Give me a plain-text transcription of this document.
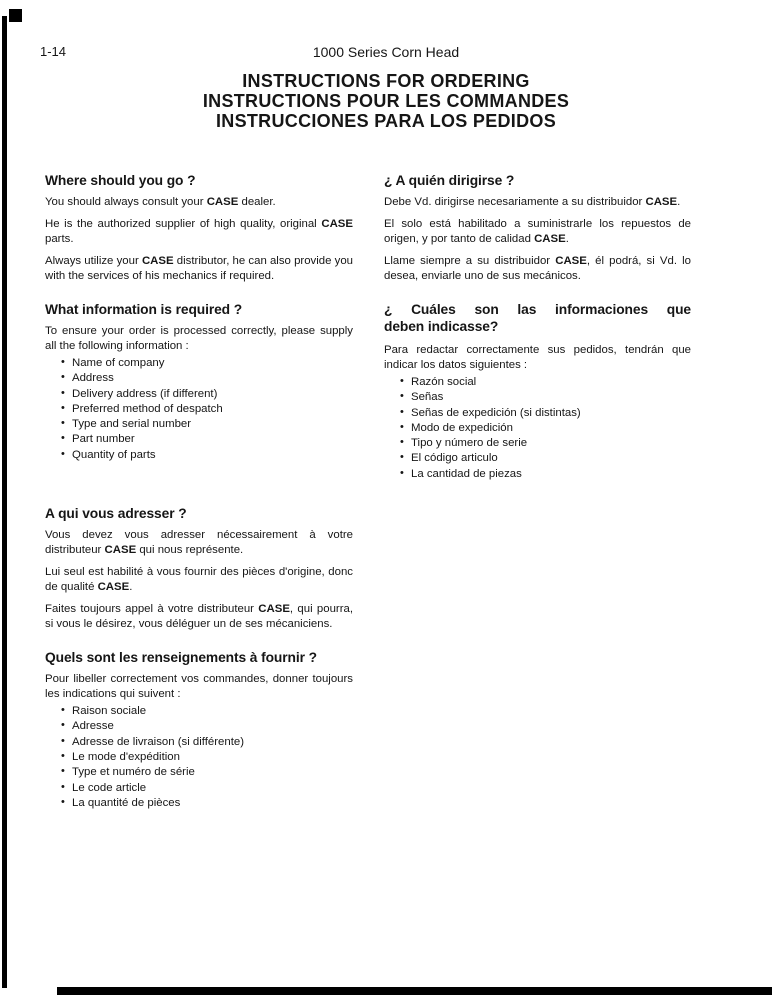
1-14	1000 Series Corn Head
INSTRUCTIONS FOR ORDERING
INSTRUCTIONS POUR LES COMMANDES
INSTRUCCIONES PARA LOS PEDIDOS
Where should you go ?

You should always consult your CASE dealer.

He is the authorized supplier of high quality, original CASE parts.

Always utilize your CASE distributor, he can also provide you with the services of his mechanics if required.

What information is required ?

To ensure your order is processed correctly, please supply all the following information :

• Name of company
• Address
• Delivery address (if different)
• Preferred method of despatch
• Type and serial number
• Part number
• Quantity of parts
A qui vous adresser ?

Vous devez vous adresser nécessairement à votre distributeur CASE qui nous représente.

Lui seul est habilité à vous fournir des pièces d'origine, donc de qualité CASE.

Faites toujours appel à votre distributeur CASE, qui pourra, si vous le désirez, vous déléguer un de ses mécaniciens.

Quels sont les renseignements à fournir ?

Pour libeller correctement vos commandes, donner toujours les indications qui suivent :

• Raison sociale
• Adresse
• Adresse de livraison (si différente)
• Le mode d'expédition
• Type et numéro de série
• Le code article
• La quantité de pièces
¿ A quién dirigirse ?

Debe Vd. dirigirse necesariamente a su distribuidor CASE.

El solo está habilitado a suministrarle los repuestos de origen, y por tanto de calidad CASE.

Llame siempre a su distribuidor CASE, él podrá, si Vd. lo desea, enviarle uno de sus mecánicos.

¿ Cuáles son las informaciones que
deben indicasse?

Para redactar correctamente sus pedidos, tendrán que indicar los datos siguientes :

• Razón social
• Señas
• Señas de expedición (si distintas)
• Modo de expedición
• Tipo y número de serie
• El código articulo
• La cantidad de piezas
